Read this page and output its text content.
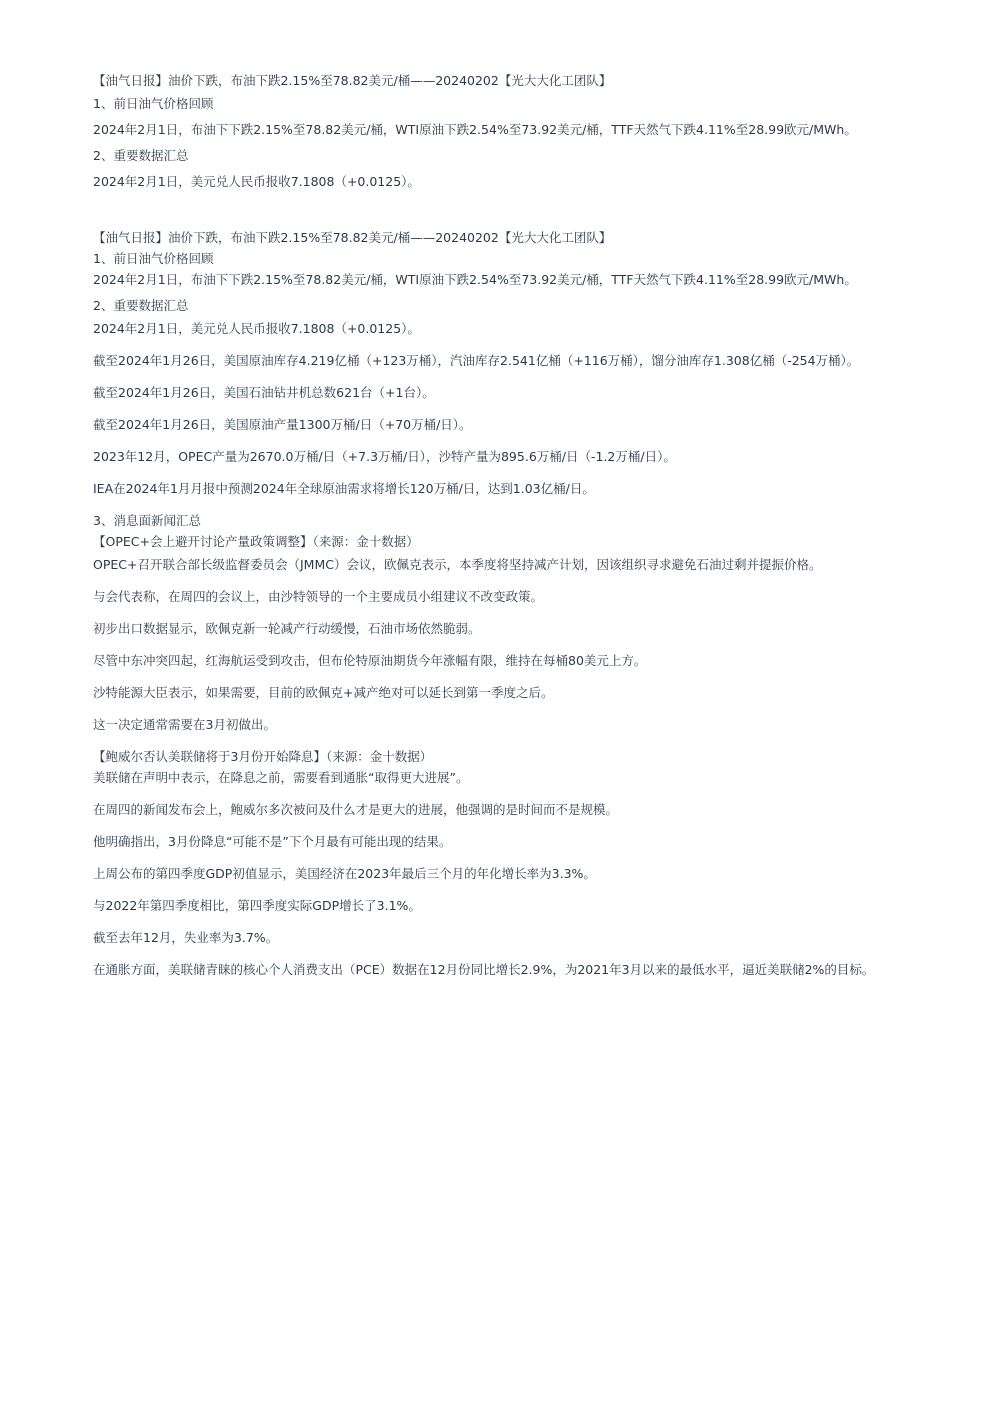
【油气日报】油价下跌，布油下跌2.15%至78.82美元/桶——20240202【光大大化工团队】
1、前日油气价格回顾
2024年2月1日，布油下下跌2.15%至78.82美元/桶，WTI原油下跌2.54%至73.92美元/桶，TTF天然气下跌4.11%至28.99欧元/MWh。
2、重要数据汇总
2024年2月1日，美元兑人民币报收7.1808（+0.0125）。
【油气日报】油价下跌，布油下跌2.15%至78.82美元/桶——20240202【光大大化工团队】
1、前日油气价格回顾
2024年2月1日，布油下下跌2.15%至78.82美元/桶，WTI原油下跌2.54%至73.92美元/桶，TTF天然气下跌4.11%至28.99欧元/MWh。
2、重要数据汇总
2024年2月1日，美元兑人民币报收7.1808（+0.0125）。
截至2024年1月26日，美国原油库存4.219亿桶（+123万桶），汽油库存2.541亿桶（+116万桶），馏分油库存1.308亿桶（-254万桶）。
截至2024年1月26日，美国石油钻井机总数621台（+1台）。
截至2024年1月26日，美国原油产量1300万桶/日（+70万桶/日）。
2023年12月，OPEC产量为2670.0万桶/日（+7.3万桶/日），沙特产量为895.6万桶/日（-1.2万桶/日）。
IEA在2024年1月月报中预测2024年全球原油需求将增长120万桶/日，达到1.03亿桶/日。
3、消息面新闻汇总
【OPEC+会上避开讨论产量政策调整】（来源：金十数据）
OPEC+召开联合部长级监督委员会（JMMC）会议，欧佩克表示，本季度将坚持减产计划，因该组织寻求避免石油过剩并提振价格。
与会代表称，在周四的会议上，由沙特领导的一个主要成员小组建议不改变政策。
初步出口数据显示，欧佩克新一轮减产行动缓慢，石油市场依然脆弱。
尽管中东冲突四起，红海航运受到攻击，但布伦特原油期货今年涨幅有限，维持在每桶80美元上方。
沙特能源大臣表示，如果需要，目前的欧佩克+减产绝对可以延长到第一季度之后。
这一决定通常需要在3月初做出。
【鲍威尔否认美联储将于3月份开始降息】（来源：金十数据）
美联储在声明中表示，在降息之前，需要看到通胀“取得更大进展”。
在周四的新闻发布会上，鲍威尔多次被问及什么才是更大的进展，他强调的是时间而不是规模。
他明确指出，3月份降息“可能不是”下个月最有可能出现的结果。
上周公布的第四季度GDP初值显示，美国经济在2023年最后三个月的年化增长率为3.3%。
与2022年第四季度相比，第四季度实际GDP增长了3.1%。
截至去年12月，失业率为3.7%。
在通胀方面，美联储青睐的核心个人消费支出（PCE）数据在12月份同比增长2.9%，为2021年3月以来的最低水平，逼近美联储2%的目标。
